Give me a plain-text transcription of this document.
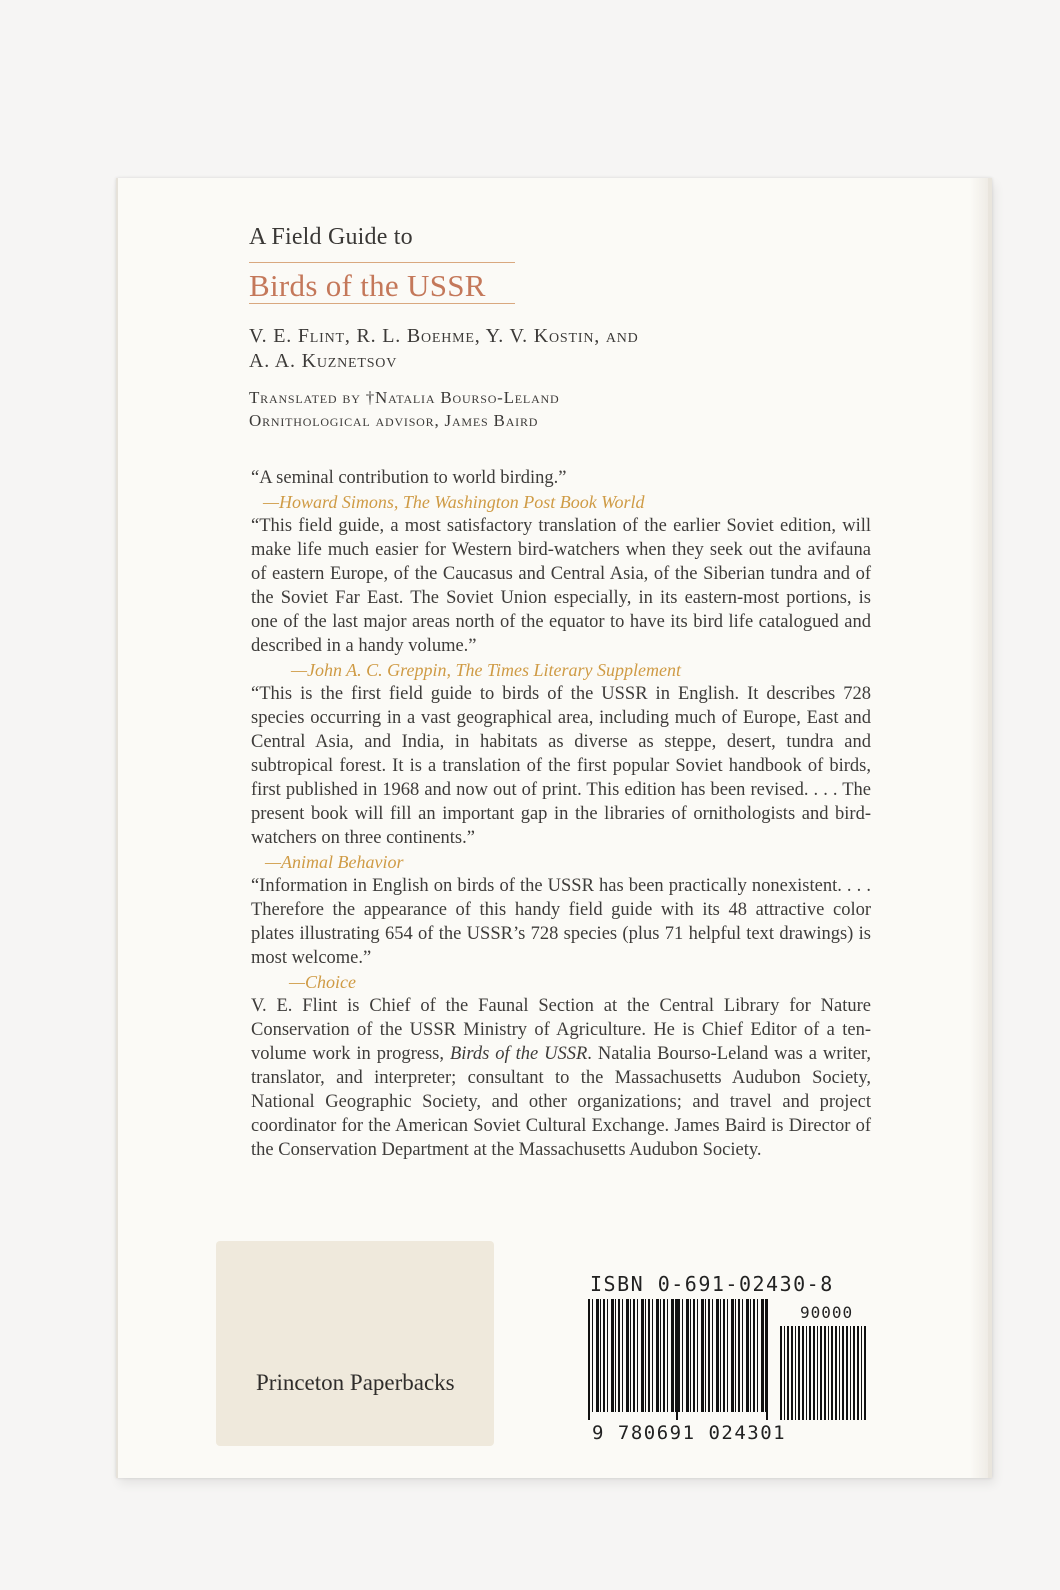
A Field Guide to
Birds of the USSR
V. E. Flint, R. L. Boehme, Y. V. Kostin, and
A. A. Kuznetsov
Translated by †Natalia Bourso-Leland
Ornithological advisor, James Baird

“A seminal contribution to world birding.”

—Howard Simons, The Washington Post Book World

“This field guide, a most satisfactory translation of the earlier Soviet edition, will make life much easier for Western bird-watchers when they seek out the avifauna of eastern Europe, of the Caucasus and Central Asia, of the Siberian tundra and of the Soviet Far East. The Soviet Union especially, in its eastern-most portions, is one of the last major areas north of the equator to have its bird life catalogued and described in a handy volume.”

—John A. C. Greppin, The Times Literary Supplement

“This is the first field guide to birds of the USSR in English. It describes 728 species occurring in a vast geographical area, including much of Europe, East and Central Asia, and India, in habitats as diverse as steppe, desert, tundra and subtropical forest. It is a translation of the first popular Soviet handbook of birds, first published in 1968 and now out of print. This edition has been revised. . . . The present book will fill an important gap in the libraries of ornithologists and bird-watchers on three continents.”

—Animal Behavior

“Information in English on birds of the USSR has been practically nonexistent. . . . Therefore the appearance of this handy field guide with its 48 attractive color plates illustrating 654 of the USSR’s 728 species (plus 71 helpful text drawings) is most welcome.”

—Choice

V. E. Flint is Chief of the Faunal Section at the Central Library for Nature Conservation of the USSR Ministry of Agriculture. He is Chief Editor of a ten-volume work in progress, Birds of the USSR. Natalia Bourso-Leland was a writer, translator, and interpreter; consultant to the Massachusetts Audubon Society, National Geographic Society, and other organizations; and travel and project coordinator for the American Soviet Cultural Exchange. James Baird is Director of the Conservation Department at the Massachusetts Audubon Society.

Princeton Paperbacks
ISBN 0-691-02430-8
90000
9 780691 024301
